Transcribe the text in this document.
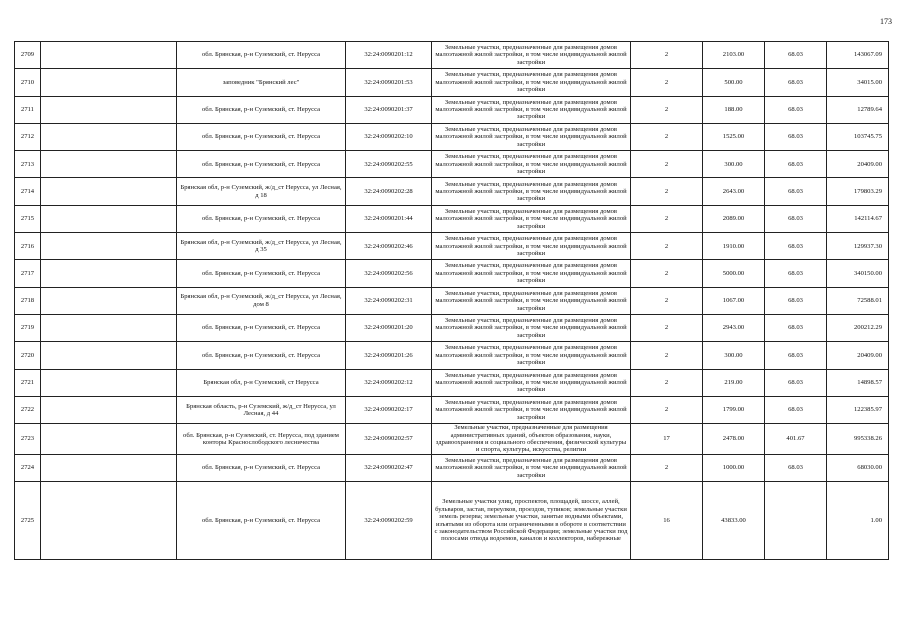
173
2709		обл. Брянская, р-н Суземский, ст. Нерусса	32:24:0090201:12	Земельные участки, предназначенные для размещения домов малоэтажной жилой застройки, в том числе индивидуальной жилой застройки	2	2103.00	68.03	143067.09
2710		заповедник "Брянский лес"	32:24:0090201:53	Земельные участки, предназначенные для размещения домов малоэтажной жилой застройки, в том числе индивидуальной жилой застройки	2	500.00	68.03	34015.00
2711		обл. Брянская, р-н Суземский, ст. Нерусса	32:24:0090201:37	Земельные участки, предназначенные для размещения домов малоэтажной жилой застройки, в том числе индивидуальной жилой застройки	2	188.00	68.03	12789.64
2712		обл. Брянская, р-н Суземский, ст. Нерусса	32:24:0090202:10	Земельные участки, предназначенные для размещения домов малоэтажной жилой застройки, в том числе индивидуальной жилой застройки	2	1525.00	68.03	103745.75
2713		обл. Брянская, р-н Суземский, ст. Нерусса	32:24:0090202:55	Земельные участки, предназначенные для размещения домов малоэтажной жилой застройки, в том числе индивидуальной жилой застройки	2	300.00	68.03	20409.00
2714		Брянская обл, р-н Суземский, ж/д_ст Нерусса, ул Лесная, д 18	32:24:0090202:28	Земельные участки, предназначенные для размещения домов малоэтажной жилой застройки, в том числе индивидуальной жилой застройки	2	2643.00	68.03	179803.29
2715		обл. Брянская, р-н Суземский, ст. Нерусса	32:24:0090201:44	Земельные участки, предназначенные для размещения домов малоэтажной жилой застройки, в том числе индивидуальной жилой застройки	2	2089.00	68.03	142114.67
2716		Брянская обл, р-н Суземский, ж/д_ст Нерусса, ул Лесная, д 35	32:24:0090202:46	Земельные участки, предназначенные для размещения домов малоэтажной жилой застройки, в том числе индивидуальной жилой застройки	2	1910.00	68.03	129937.30
2717		обл. Брянская, р-н Суземский, ст. Нерусса	32:24:0090202:56	Земельные участки, предназначенные для размещения домов малоэтажной жилой застройки, в том числе индивидуальной жилой застройки	2	5000.00	68.03	340150.00
2718		Брянская обл, р-н Суземский, ж/д_ст Нерусса, ул Лесная, дом 8	32:24:0090202:31	Земельные участки, предназначенные для размещения домов малоэтажной жилой застройки, в том числе индивидуальной жилой застройки	2	1067.00	68.03	72588.01
2719		обл. Брянская, р-н Суземский, ст. Нерусса	32:24:0090201:20	Земельные участки, предназначенные для размещения домов малоэтажной жилой застройки, в том числе индивидуальной жилой застройки	2	2943.00	68.03	200212.29
2720		обл. Брянская, р-н Суземский, ст. Нерусса	32:24:0090201:26	Земельные участки, предназначенные для размещения домов малоэтажной жилой застройки, в том числе индивидуальной жилой застройки	2	300.00	68.03	20409.00
2721		Брянская обл, р-н Суземский, ст Нерусса	32:24:0090202:12	Земельные участки, предназначенные для размещения домов малоэтажной жилой застройки, в том числе индивидуальной жилой застройки	2	219.00	68.03	14898.57
2722		Брянская область, р-н Суземский, ж/д_ст Нерусса, ул Лесная, д 44	32:24:0090202:17	Земельные участки, предназначенные для размещения домов малоэтажной жилой застройки, в том числе индивидуальной жилой застройки	2	1799.00	68.03	122385.97
2723		обл. Брянская, р-н Суземский, ст. Нерусса, под зданием конторы Краснослободского лесничества	32:24:0090202:57	Земельные участки, предназначенные для размещения административных зданий, объектов образования, науки, здравоохранения и социального обеспечения, физической культуры и спорта, культуры, искусства, религии	17	2478.00	401.67	995338.26
2724		обл. Брянская, р-н Суземский, ст. Нерусса	32:24:0090202:47	Земельные участки, предназначенные для размещения домов малоэтажной жилой застройки, в том числе индивидуальной жилой застройки	2	1000.00	68.03	68030.00
2725		обл. Брянская, р-н Суземский, ст. Нерусса	32:24:0090202:59	Земельные участки улиц, проспектов, площадей, шоссе, аллей, бульваров, застав, переулков, проездов, тупиков; земельные участки земель резерва; земельные участки, занятые водными объектами, изъятыми из оборота или ограниченными в обороте в соответствии с законодательством Российской Федерации; земельные участки под полосами отвода водоемов, каналов и коллекторов, набережные	16	43833.00		1.00
